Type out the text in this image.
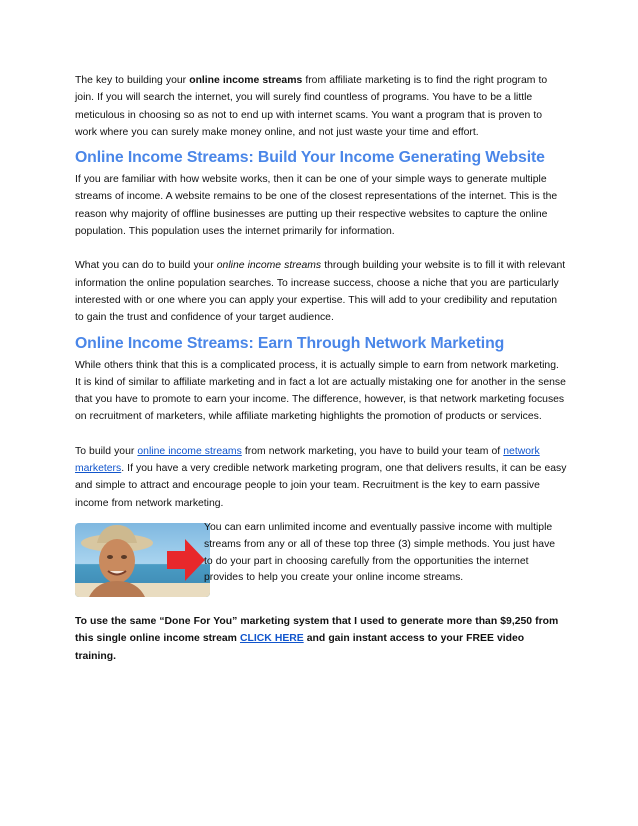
The key to building your online income streams from affiliate marketing is to find the right program to join. If you will search the internet, you will surely find countless of programs. You have to be a little meticulous in choosing so as not to end up with internet scams. You want a program that is proven to work where you can surely make money online, and not just waste your time and effort.

Online Income Streams: Build Your Income Generating Website

If you are familiar with how website works, then it can be one of your simple ways to generate multiple streams of income. A website remains to be one of the closest representations of the internet. This is the reason why majority of offline businesses are putting up their respective websites to capture the online population. This population uses the internet primarily for information.

What you can do to build your online income streams through building your website is to fill it with relevant information the online population searches. To increase success, choose a niche that you are particularly interested with or one where you can apply your expertise. This will add to your credibility and reputation to gain the trust and confidence of your target audience.

Online Income Streams: Earn Through Network Marketing

While others think that this is a complicated process, it is actually simple to earn from network marketing. It is kind of similar to affiliate marketing and in fact a lot are actually mistaking one for another in the sense that you have to promote to earn your income. The difference, however, is that network marketing focuses on recruitment of marketers, while affiliate marketing highlights the promotion of products or services.

To build your online income streams from network marketing, you have to build your team of network marketers. If you have a very credible network marketing program, one that delivers results, it can be easy and simple to attract and encourage people to join your team. Recruitment is the key to earn passive income from network marketing.

You can earn unlimited income and eventually passive income with multiple streams from any or all of these top three (3) simple methods. You just have to do your part in choosing carefully from the opportunities the internet provides to help you create your online income streams.

To use the same “Done For You” marketing system that I used to generate more than $9,250 from this single online income stream CLICK HERE and gain instant access to your FREE video training.
